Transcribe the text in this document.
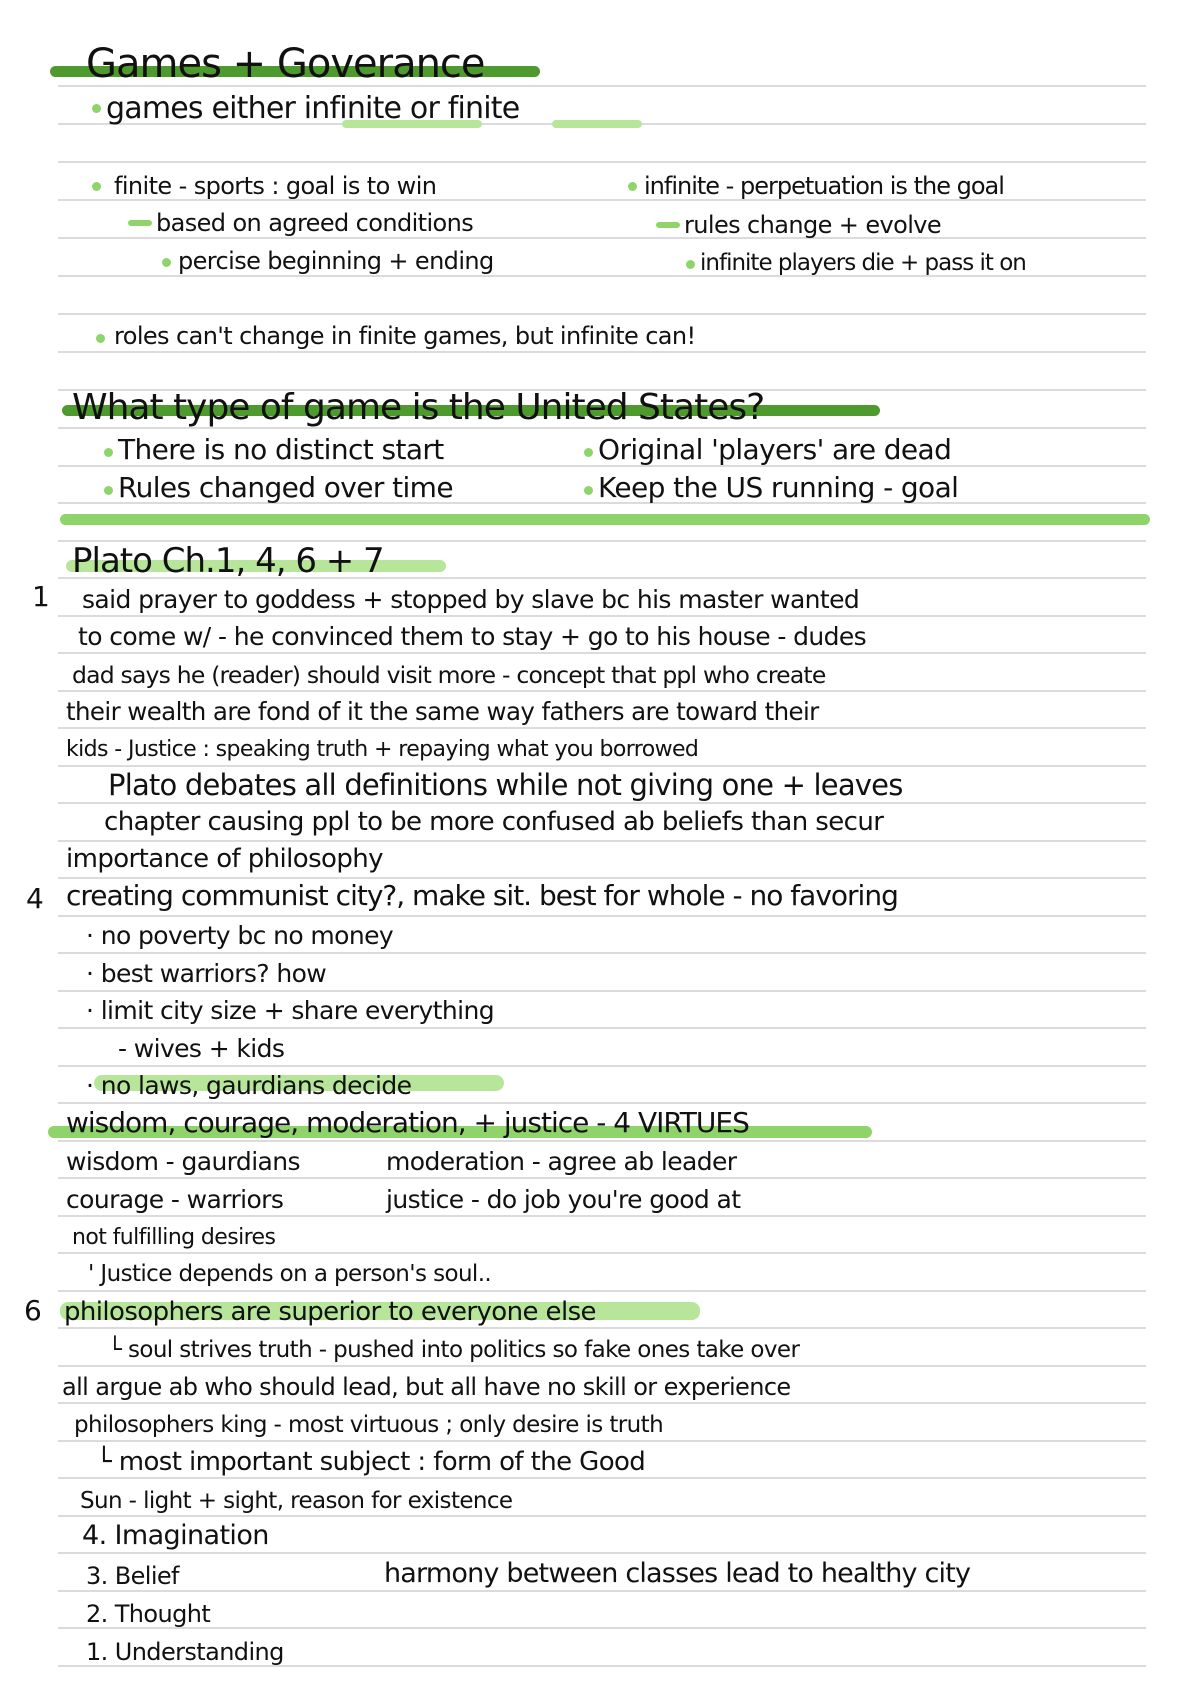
Games + Goverance
games either infinite or finite
finite - sports : goal is to win
based on agreed conditions
percise beginning + ending
infinite - perpetuation is the goal
rules change + evolve
infinite players die + pass it on
roles can't change in finite games, but infinite can!
What type of game is the United States?
There is no distinct start
Rules changed over time
Original 'players' are dead
Keep the US running - goal
Plato Ch.1, 4, 6 + 7
1 said prayer to goddess + stopped by slave bc his master wanted
to come w/ - he convinced them to stay + go to his house - dudes
dad says he (reader) should visit more - concept that ppl who create
their wealth are fond of it the same way fathers are toward their
kids - Justice : speaking truth + repaying what you borrowed
Plato debates all definitions while not giving one + leaves
chapter causing ppl to be more confused ab beliefs than secur
importance of philosophy
4 creating communist city?, make sit. best for whole - no favoring
· no poverty bc no money
· best warriors? how
· limit city size + share everything
- wives + kids
· no laws, gaurdians decide
wisdom, courage, moderation, + justice - 4 VIRTUES
wisdom - gaurdians
courage - warriors
not fulfilling desires
moderation - agree ab leader
justice - do job you're good at
' Justice depends on a person's soul..
6 philosophers are superior to everyone else
└ soul strives truth - pushed into politics so fake ones take over
all argue ab who should lead, but all have no skill or experience
philosophers king - most virtuous ; only desire is truth
└ most important subject : form of the Good
Sun - light + sight, reason for existence
4. Imagination
3. Belief
2. Thought
1. Understanding
harmony between classes lead to healthy city
